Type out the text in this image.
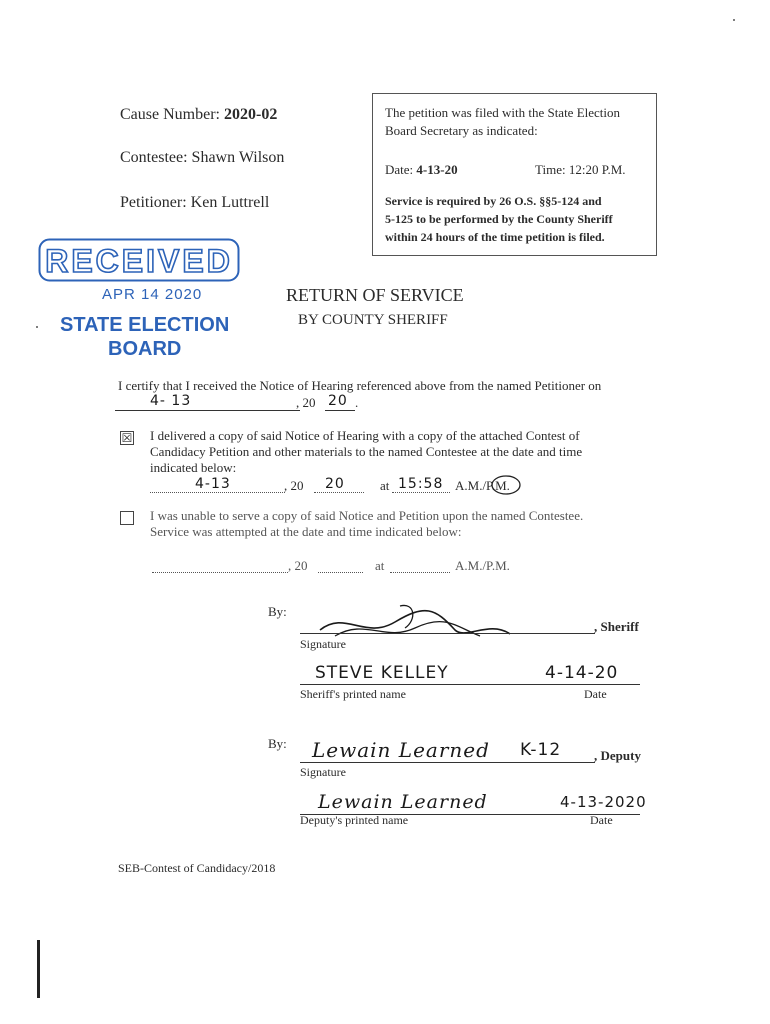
Cause Number: 2020-02
Contestee: Shawn Wilson
Petitioner: Ken Luttrell
The petition was filed with the State Election
Board Secretary as indicated:
Date: 4-13-20	Time: 12:20 P.M.
Service is required by 26 O.S. §§5-124 and
5-125 to be performed by the County Sheriff
within 24 hours of the time petition is filed.
RECEIVED
APR 14 2020
STATE ELECTION
BOARD
RETURN OF SERVICE
BY COUNTY SHERIFF
I certify that I received the Notice of Hearing referenced above from the named Petitioner on
4- 13	, 20 20 .
☒ I delivered a copy of said Notice of Hearing with a copy of the attached Contest of
Candidacy Petition and other materials to the named Contestee at the date and time
indicated below:
4-13	, 20 20	at 15:58 A.M./P.M.
I was unable to serve a copy of said Notice and Petition upon the named Contestee.
Service was attempted at the date and time indicated below:
, 20	at	A.M./P.M.
By:
, Sheriff
Signature
STEVE KELLEY	4-14-20
Sheriff's printed name	Date
By: Lewain Learned K-12	, Deputy
Signature
Lewain Learned	4-13-2020
Deputy's printed name	Date
SEB-Contest of Candidacy/2018
